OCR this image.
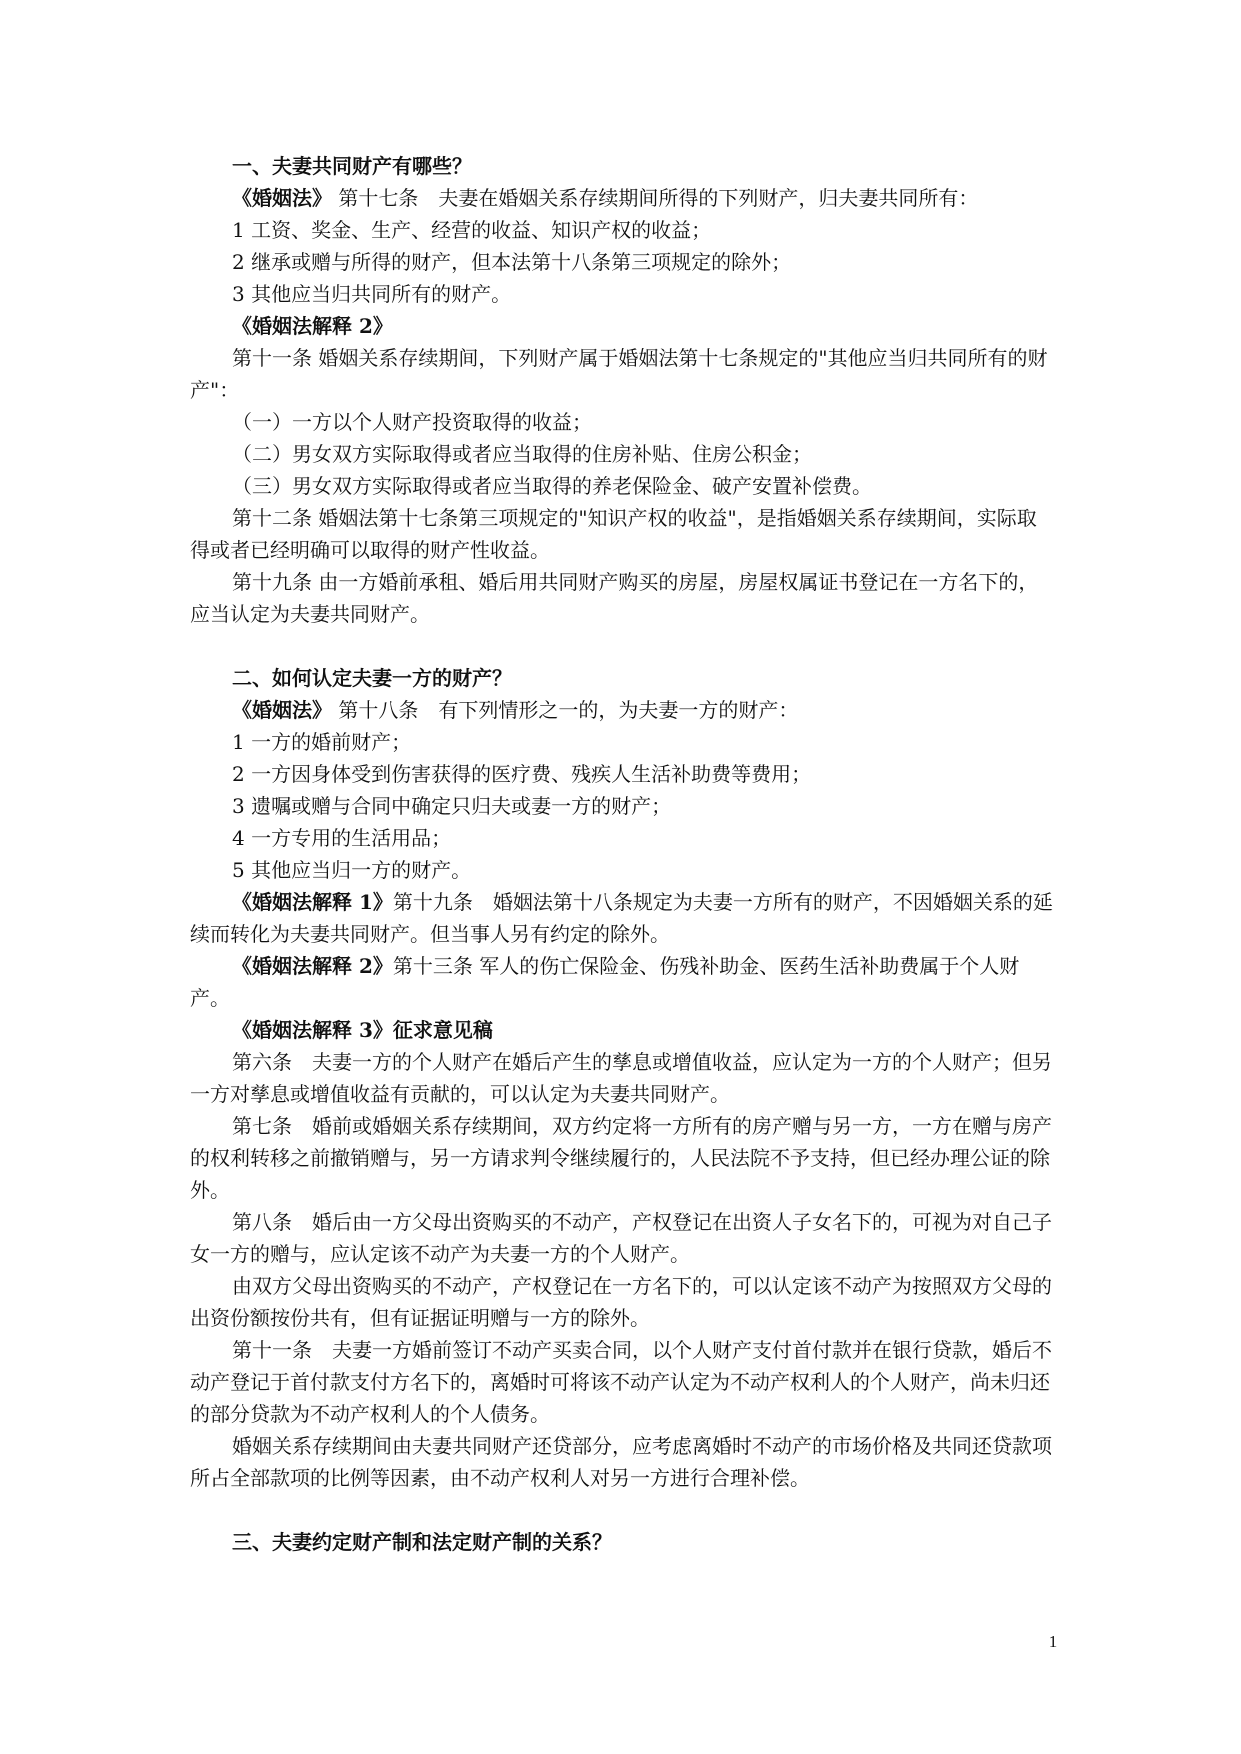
一、夫妻共同财产有哪些？

《婚姻法》 第十七条　夫妻在婚姻关系存续期间所得的下列财产，归夫妻共同所有：

1 工资、奖金、生产、经营的收益、知识产权的收益；

2 继承或赠与所得的财产，但本法第十八条第三项规定的除外；

3 其他应当归共同所有的财产。

《婚姻法解释 2》

第十一条 婚姻关系存续期间，下列财产属于婚姻法第十七条规定的"其他应当归共同所有的财产"：

（一）一方以个人财产投资取得的收益；

（二）男女双方实际取得或者应当取得的住房补贴、住房公积金；

（三）男女双方实际取得或者应当取得的养老保险金、破产安置补偿费。

第十二条 婚姻法第十七条第三项规定的"知识产权的收益"，是指婚姻关系存续期间，实际取得或者已经明确可以取得的财产性收益。

第十九条 由一方婚前承租、婚后用共同财产购买的房屋，房屋权属证书登记在一方名下的，应当认定为夫妻共同财产。

二、如何认定夫妻一方的财产？

《婚姻法》 第十八条　有下列情形之一的，为夫妻一方的财产：

1 一方的婚前财产；

2 一方因身体受到伤害获得的医疗费、残疾人生活补助费等费用；

3 遗嘱或赠与合同中确定只归夫或妻一方的财产；

4 一方专用的生活用品；

5 其他应当归一方的财产。

《婚姻法解释 1》第十九条　婚姻法第十八条规定为夫妻一方所有的财产，不因婚姻关系的延续而转化为夫妻共同财产。但当事人另有约定的除外。

《婚姻法解释 2》第十三条 军人的伤亡保险金、伤残补助金、医药生活补助费属于个人财产。

《婚姻法解释 3》征求意见稿

第六条　夫妻一方的个人财产在婚后产生的孳息或增值收益，应认定为一方的个人财产；但另一方对孳息或增值收益有贡献的，可以认定为夫妻共同财产。

第七条　婚前或婚姻关系存续期间，双方约定将一方所有的房产赠与另一方，一方在赠与房产的权利转移之前撤销赠与，另一方请求判令继续履行的，人民法院不予支持，但已经办理公证的除外。

第八条　婚后由一方父母出资购买的不动产，产权登记在出资人子女名下的，可视为对自己子女一方的赠与，应认定该不动产为夫妻一方的个人财产。

由双方父母出资购买的不动产，产权登记在一方名下的，可以认定该不动产为按照双方父母的出资份额按份共有，但有证据证明赠与一方的除外。

第十一条　夫妻一方婚前签订不动产买卖合同，以个人财产支付首付款并在银行贷款，婚后不动产登记于首付款支付方名下的，离婚时可将该不动产认定为不动产权利人的个人财产，尚未归还的部分贷款为不动产权利人的个人债务。

婚姻关系存续期间由夫妻共同财产还贷部分，应考虑离婚时不动产的市场价格及共同还贷款项所占全部款项的比例等因素，由不动产权利人对另一方进行合理补偿。

三、夫妻约定财产制和法定财产制的关系？

1
